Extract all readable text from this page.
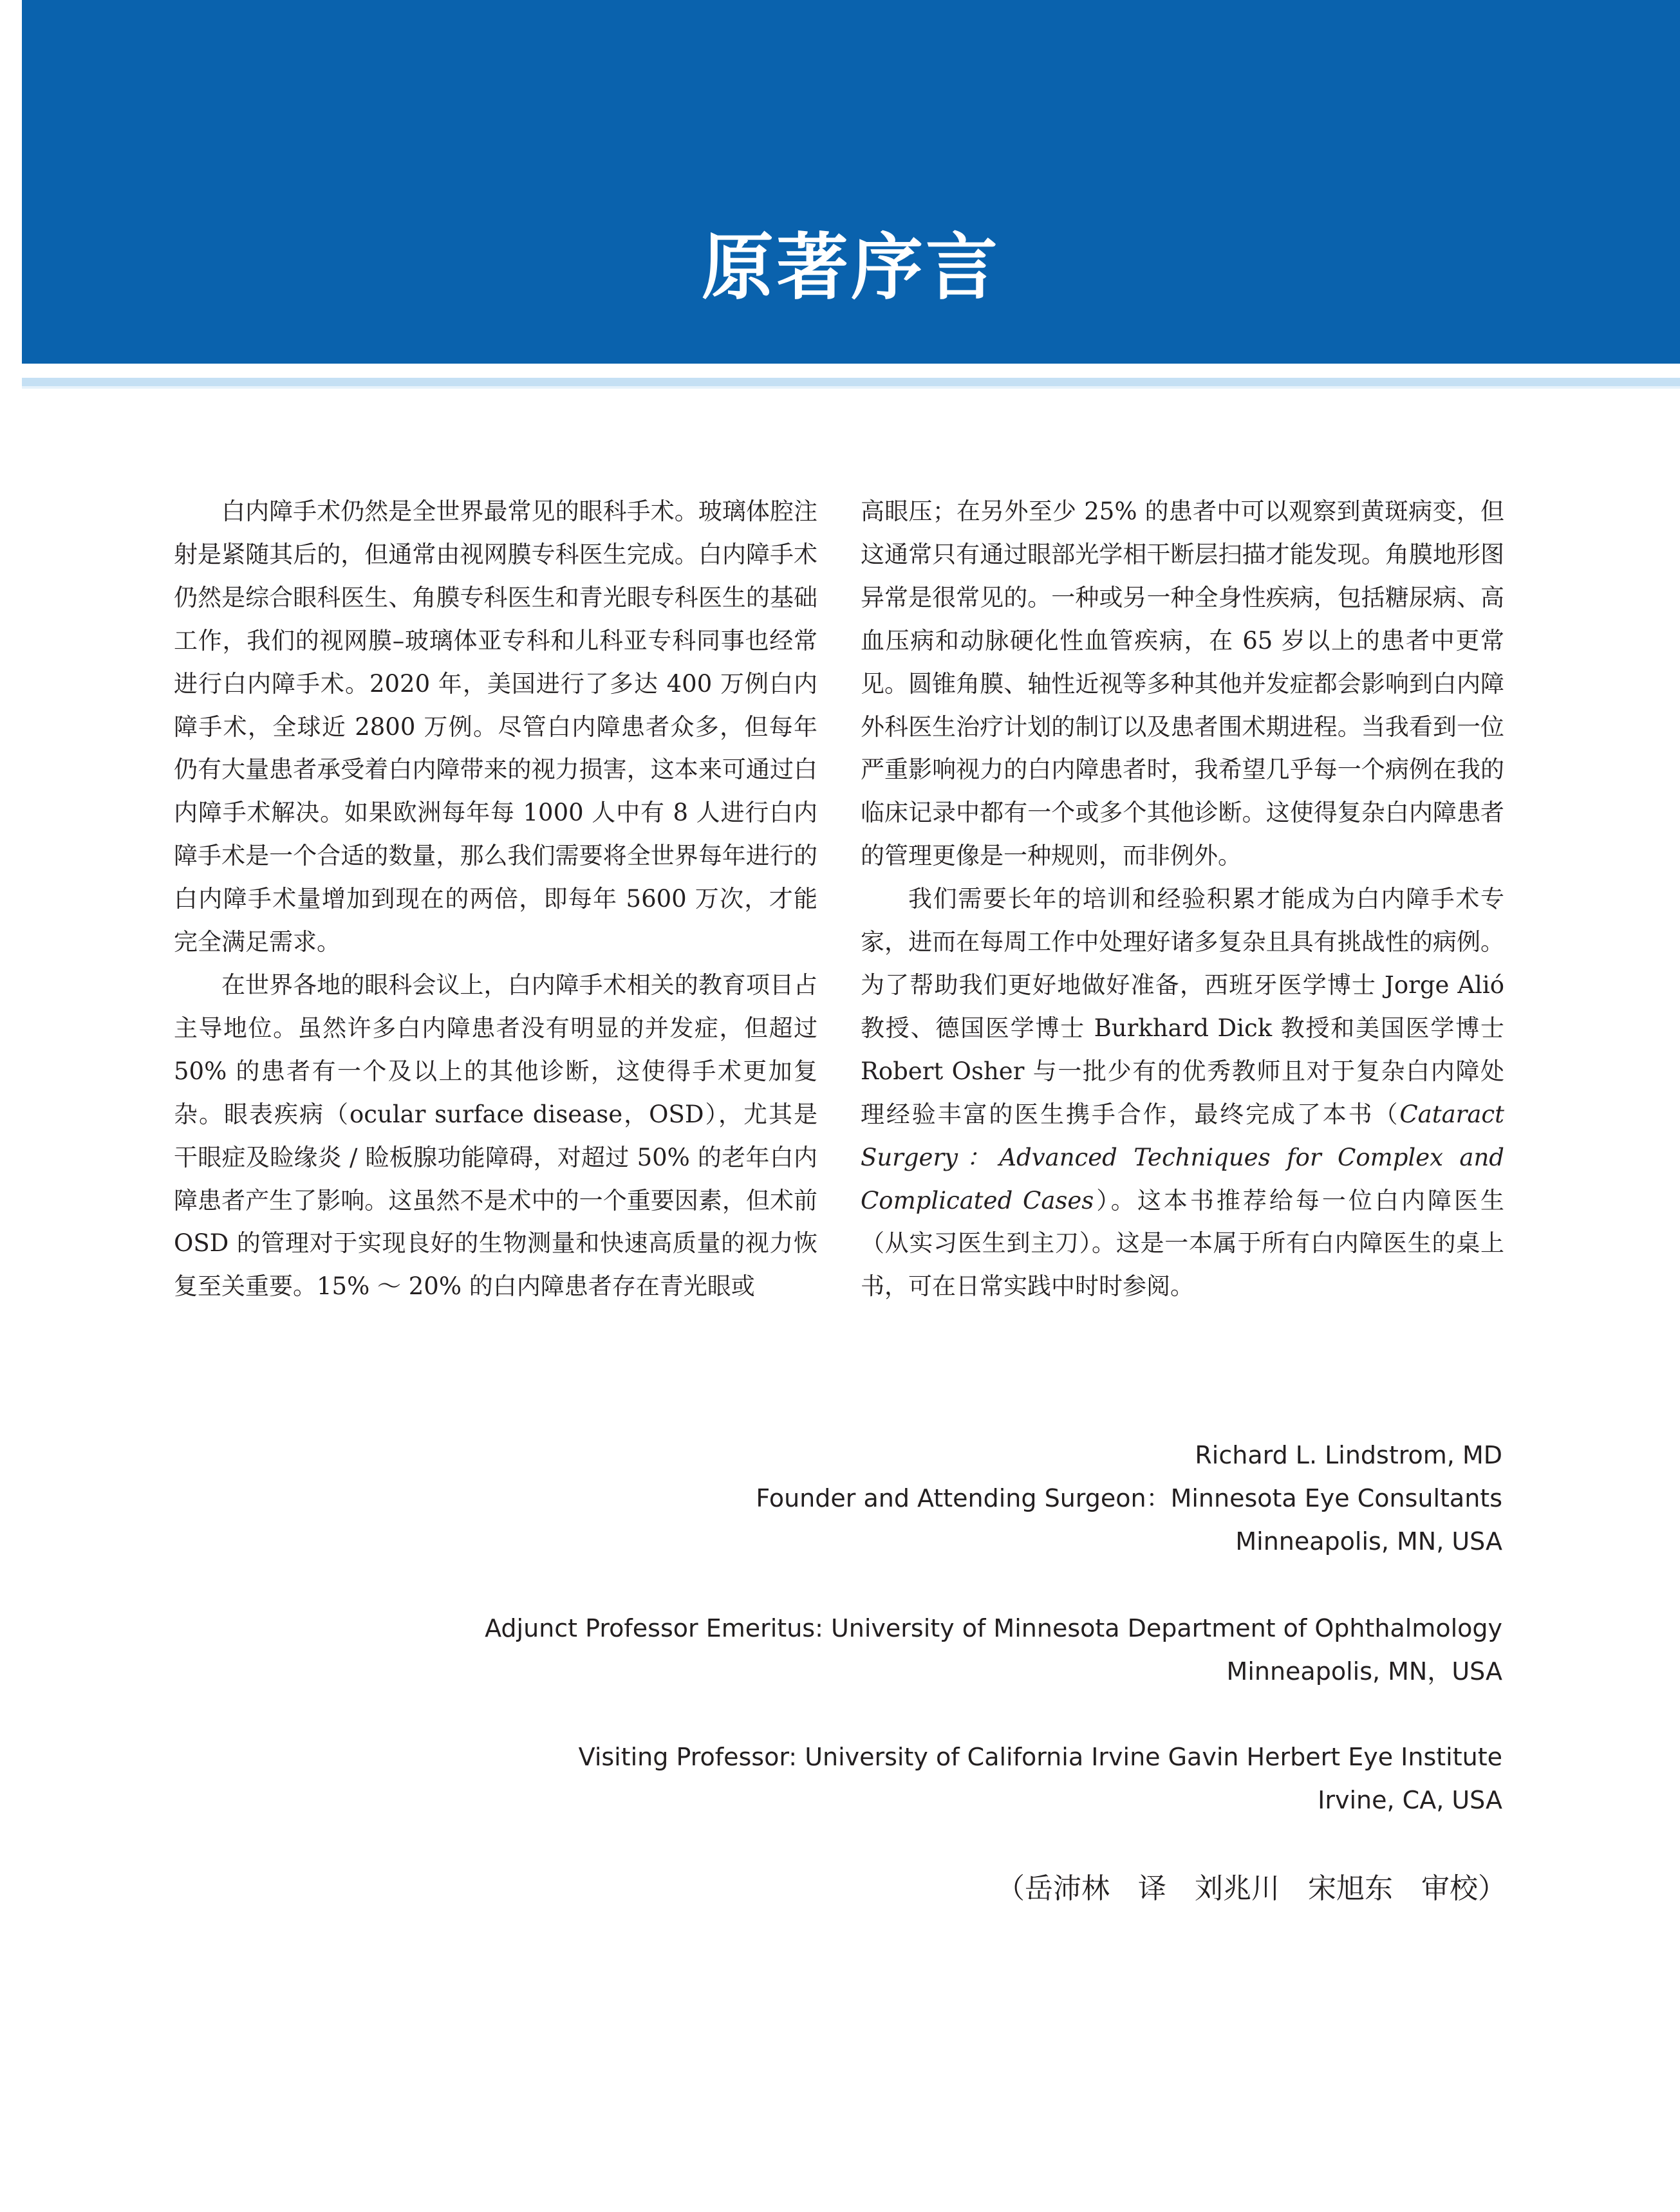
原著序言

白内障手术仍然是全世界最常见的眼科手术。玻璃体腔注射是紧随其后的，但通常由视网膜专科医生完成。白内障手术仍然是综合眼科医生、角膜专科医生和青光眼专科医生的基础工作，我们的视网膜–玻璃体亚专科和儿科亚专科同事也经常进行白内障手术。2020 年，美国进行了多达 400 万例白内障手术，全球近 2800 万例。尽管白内障患者众多，但每年仍有大量患者承受着白内障带来的视力损害，这本来可通过白内障手术解决。如果欧洲每年每 1000 人中有 8 人进行白内障手术是一个合适的数量，那么我们需要将全世界每年进行的白内障手术量增加到现在的两倍，即每年 5600 万次，才能完全满足需求。

在世界各地的眼科会议上，白内障手术相关的教育项目占主导地位。虽然许多白内障患者没有明显的并发症，但超过 50% 的患者有一个及以上的其他诊断，这使得手术更加复杂。眼表疾病（ocular surface disease，OSD），尤其是干眼症及睑缘炎 / 睑板腺功能障碍，对超过 50% 的老年白内障患者产生了影响。这虽然不是术中的一个重要因素，但术前 OSD 的管理对于实现良好的生物测量和快速高质量的视力恢复至关重要。15% ～ 20% 的白内障患者存在青光眼或

高眼压；在另外至少 25% 的患者中可以观察到黄斑病变，但这通常只有通过眼部光学相干断层扫描才能发现。角膜地形图异常是很常见的。一种或另一种全身性疾病，包括糖尿病、高血压病和动脉硬化性血管疾病，在 65 岁以上的患者中更常见。圆锥角膜、轴性近视等多种其他并发症都会影响到白内障外科医生治疗计划的制订以及患者围术期进程。当我看到一位严重影响视力的白内障患者时，我希望几乎每一个病例在我的临床记录中都有一个或多个其他诊断。这使得复杂白内障患者的管理更像是一种规则，而非例外。

我们需要长年的培训和经验积累才能成为白内障手术专家，进而在每周工作中处理好诸多复杂且具有挑战性的病例。为了帮助我们更好地做好准备，西班牙医学博士 Jorge Alió 教授、德国医学博士 Burkhard Dick 教授和美国医学博士 Robert Osher 与一批少有的优秀教师且对于复杂白内障处理经验丰富的医生携手合作，最终完成了本书（Cataract Surgery：Advanced Techniques for Complex and Complicated Cases）。这本书推荐给每一位白内障医生（从实习医生到主刀）。这是一本属于所有白内障医生的桌上书，可在日常实践中时时参阅。

Richard L. Lindstrom, MD
Founder and Attending Surgeon：Minnesota Eye Consultants
Minneapolis, MN, USA
Adjunct Professor Emeritus: University of Minnesota Department of Ophthalmology
Minneapolis, MN，USA
Visiting Professor: University of California Irvine Gavin Herbert Eye Institute
Irvine, CA, USA
（岳沛林　译　刘兆川　宋旭东　审校）
